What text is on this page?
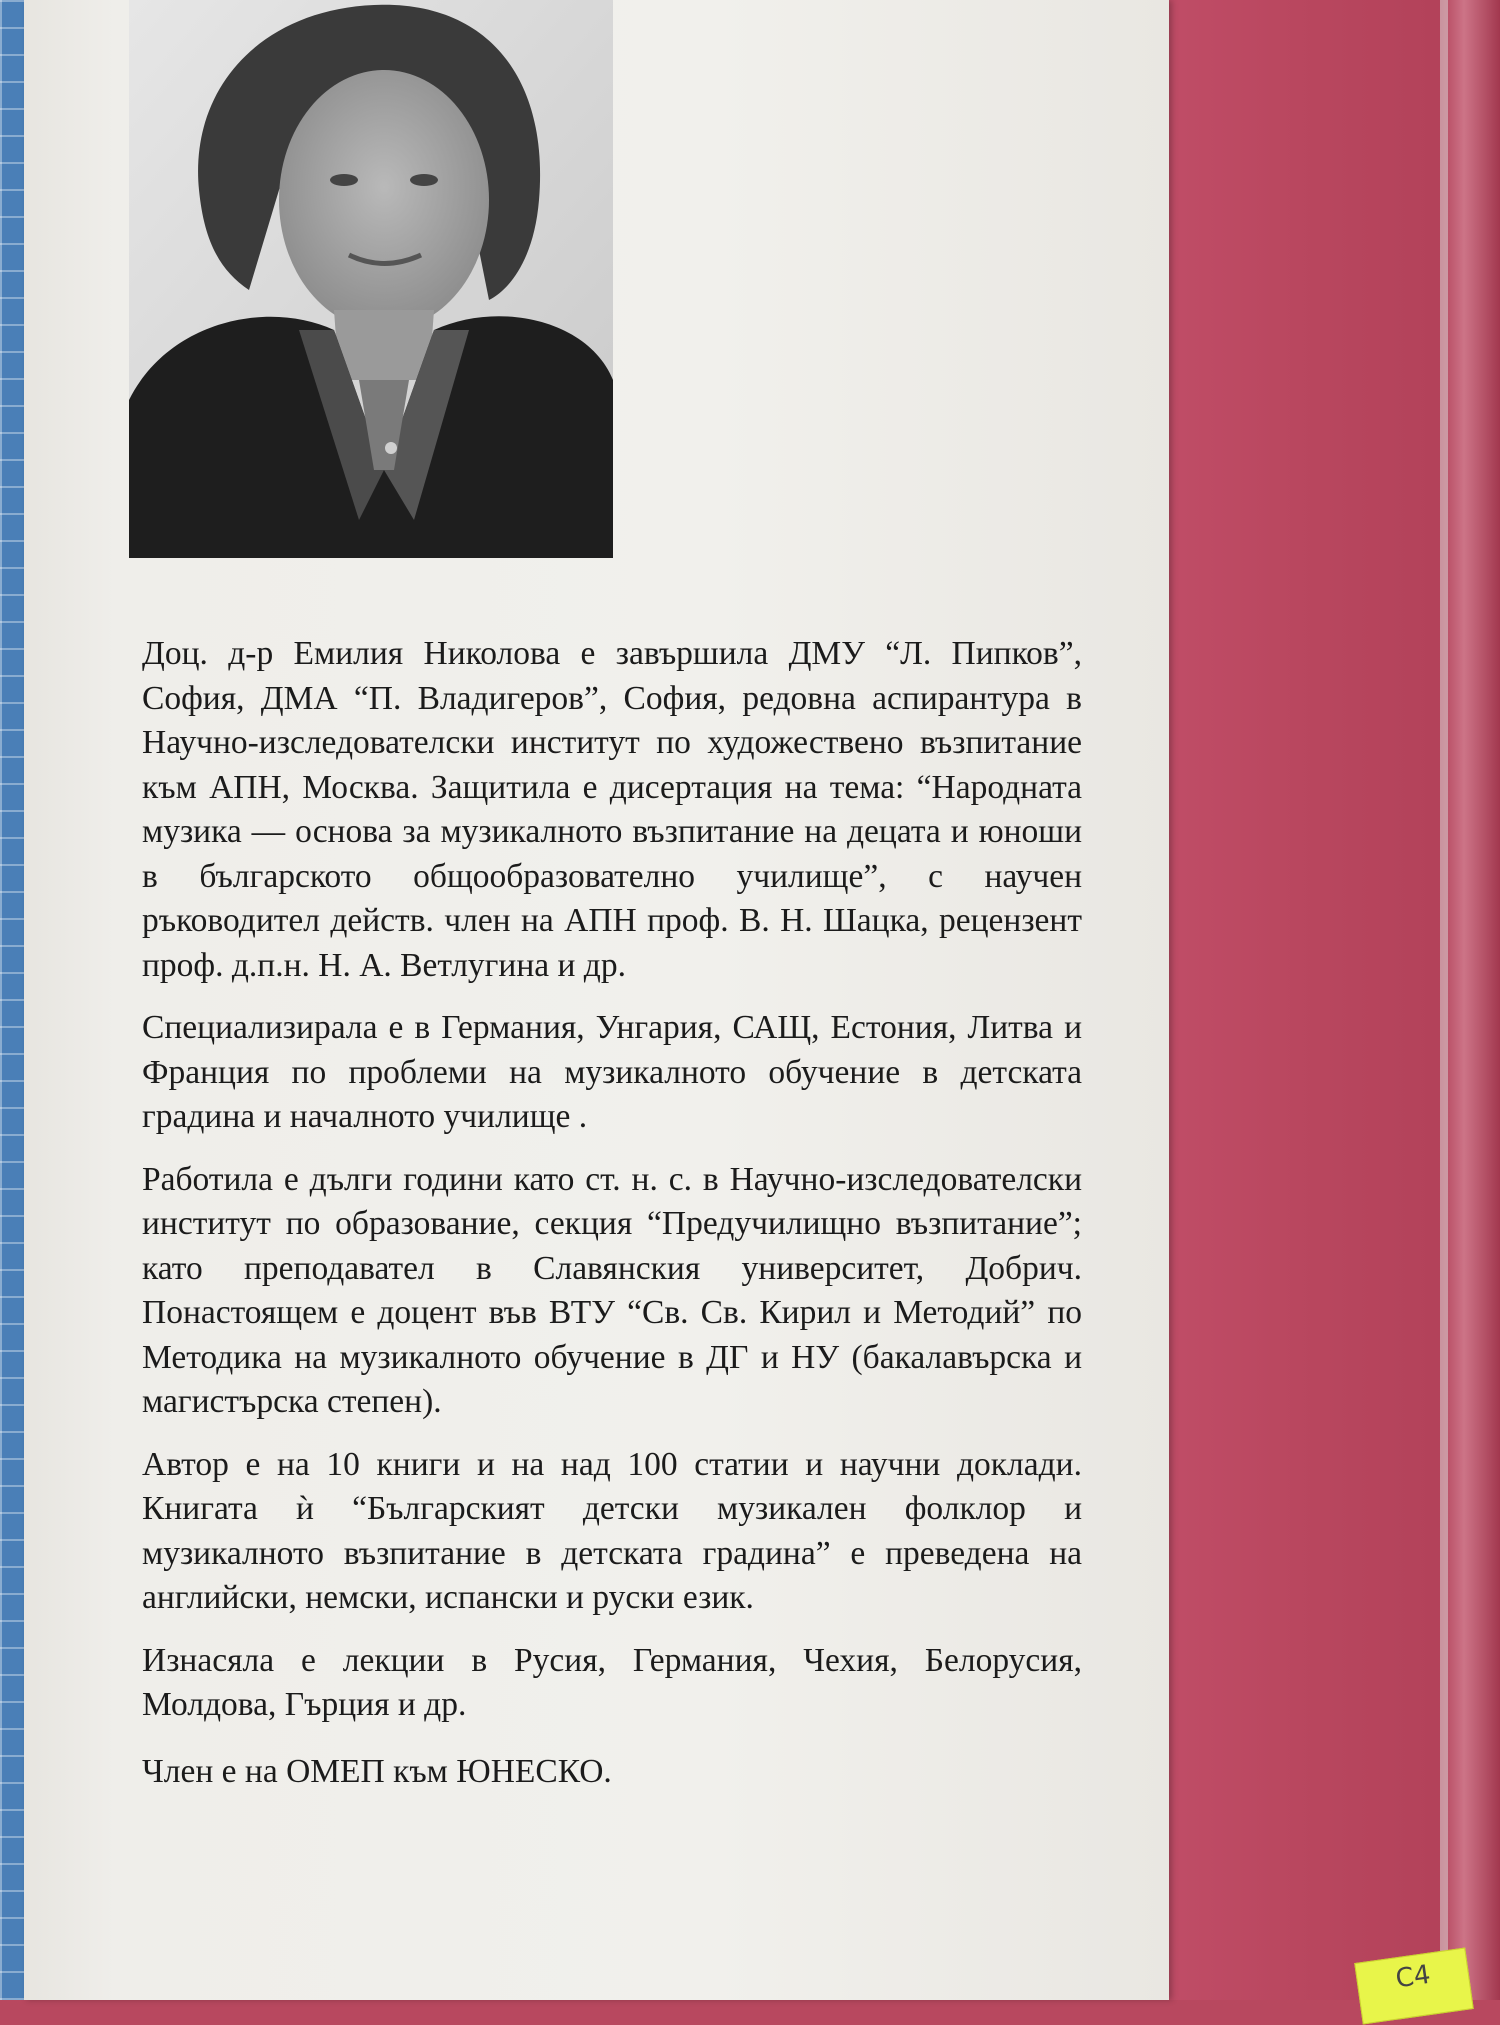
Доц. д-р Емилия Николова е завършила ДМУ “Л. Пипков”, София, ДМА “П. Владигеров”, София, редовна аспирантура в Научно-изследователски институт по художествено възпитание към АПН, Москва. Защитила е дисертация на тема: “Народната музика — основа за музикалното възпитание на децата и юноши в българското общообразователно училище”, с научен ръководител действ. член на АПН проф. В. Н. Шацка, рецензент проф. д.п.н. Н. А. Ветлугина и др.

Специализирала е в Германия, Унгария, САЩ, Естония, Литва и Франция по проблеми на музикалното обучение в детската градина и началното училище .

Работила е дълги години като ст. н. с. в Научно-изследователски институт по образование, секция “Предучилищно възпитание”; като преподавател в Славянския университет, Добрич. Понастоящем е доцент във ВТУ “Св. Св. Кирил и Методий” по Методика на музикалното обучение в ДГ и НУ (бакалавърска и магистърска степен).

Автор е на 10 книги и на над 100 статии и научни доклади. Книгата ѝ “Българският детски музикален фолклор и музикалното възпитание в детската градина” е преведена на английски, немски, испански и руски език.

Изнасяла е лекции в Русия, Германия, Чехия, Белорусия, Молдова, Гърция и др.

Член е на ОМЕП към ЮНЕСКО.

С4
